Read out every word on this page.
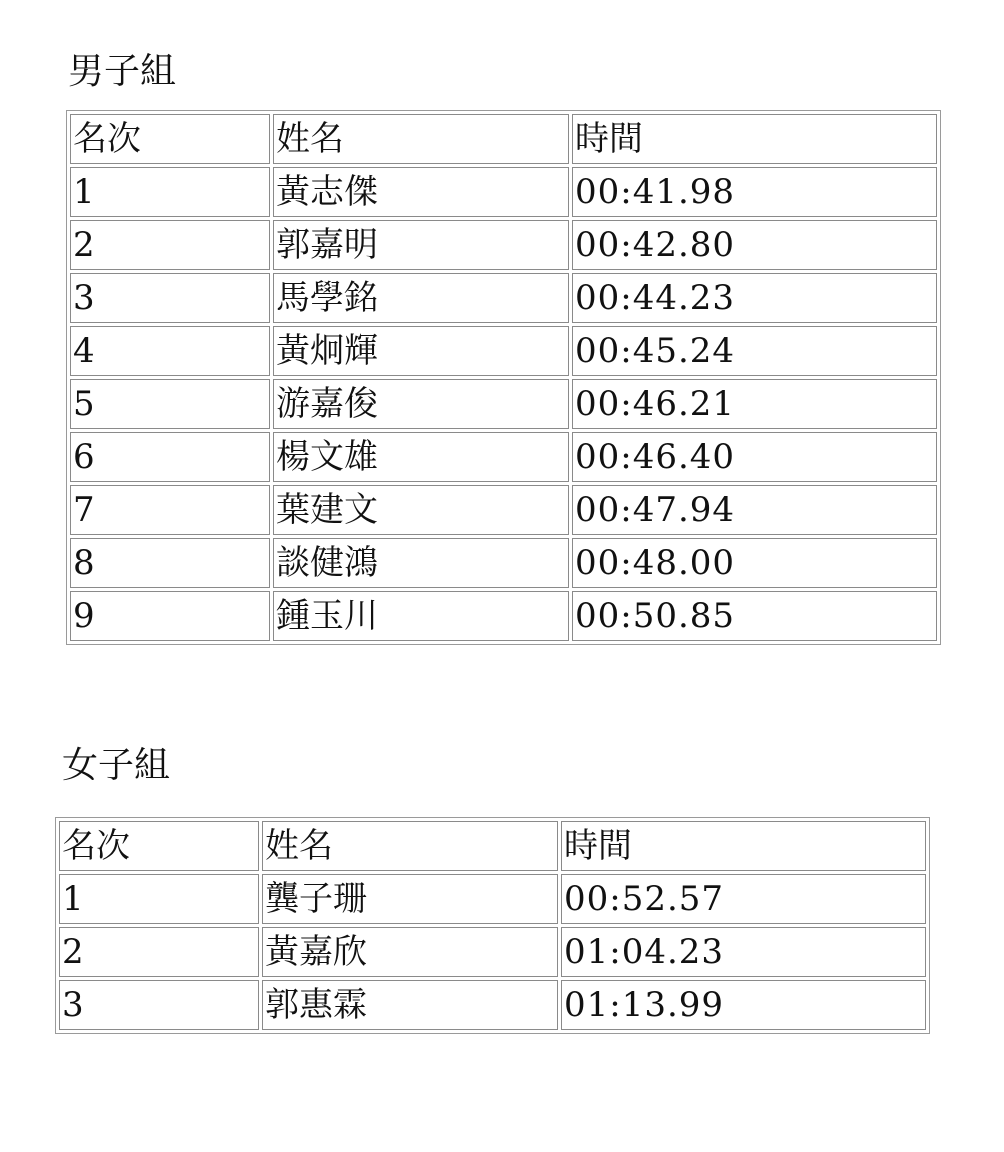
男子組
名次	姓名	時間
1	黃志傑	00:41.98
2	郭嘉明	00:42.80
3	馬學銘	00:44.23
4	黃炯輝	00:45.24
5	游嘉俊	00:46.21
6	楊文雄	00:46.40
7	葉建文	00:47.94
8	談健鴻	00:48.00
9	鍾玉川	00:50.85
女子組
名次	姓名	時間
1	龔子珊	00:52.57
2	黃嘉欣	01:04.23
3	郭惠霖	01:13.99
